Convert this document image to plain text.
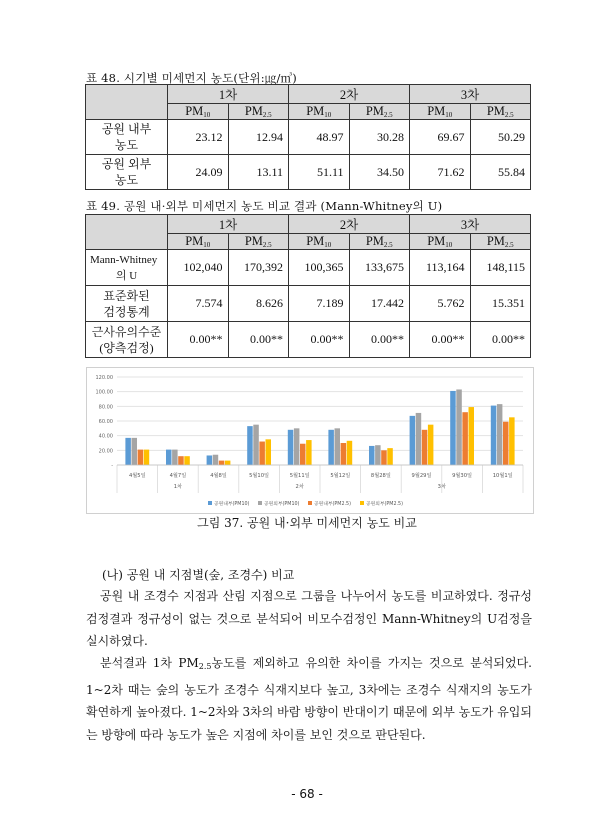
표 48. 시기별 미세먼지 농도(단위:㎍/㎥)
	1차		2차		3차	
	$PM_{10}$	$PM_{2.5}$	$PM_{10}$	$PM_{2.5}$	$PM_{10}$	$PM_{2.5}$

공원 내부
농도	23.12	12.94	48.97	30.28	69.67	50.29

공원 외부
농도	24.09	13.11	51.11	34.50	71.62	55.84
표 49. 공원 내·외부 미세먼지 농도 비교 결과 (Mann-Whitney의 U)
	1차		2차		3차	
	$PM_{10}$	$PM_{2.5}$	$PM_{10}$	$PM_{2.5}$	$PM_{10}$	$PM_{2.5}$

Mann-Whitney
의 U	102,040	170,392	100,365	133,675	113,164	148,115

표준화된
검정통계	7.574	8.626	7.189	17.442	5.762	15.351

근사유의수준
(양측검정)	0.00**	0.00**	0.00**	0.00**	0.00**	0.00**
120.00
100.00
80.00
60.00
40.00
20.00
-
4월5일	4월7일	4월8일	5월10일	5월11일	5월12일	8월28일	9월29일	9월30일	10월1일
1차	2차	3차
공원내부(PM10)	공원외부(PM10)	공원내부(PM2.5)	공원외부(PM2.5)
그림 37. 공원 내·외부 미세먼지 농도 비교
(나) 공원 내 지점별(숲, 조경수) 비교
공원 내 조경수 지점과 산림 지점으로 그룹을 나누어서 농도를 비교하였다. 정규성 검정결과 정규성이 없는 것으로 분석되어 비모수검정인 Mann-Whitney의 U검정을 실시하였다.
분석결과 1차 $PM_{2.5}$농도를 제외하고 유의한 차이를 가지는 것으로 분석되었다. 1~2차 때는 숲의 농도가 조경수 식재지보다 높고, 3차에는 조경수 식재지의 농도가 확연하게 높아졌다. 1~2차와 3차의 바람 방향이 반대이기 때문에 외부 농도가 유입되는 방향에 따라 농도가 높은 지점에 차이를 보인 것으로 판단된다.
- 68 -
